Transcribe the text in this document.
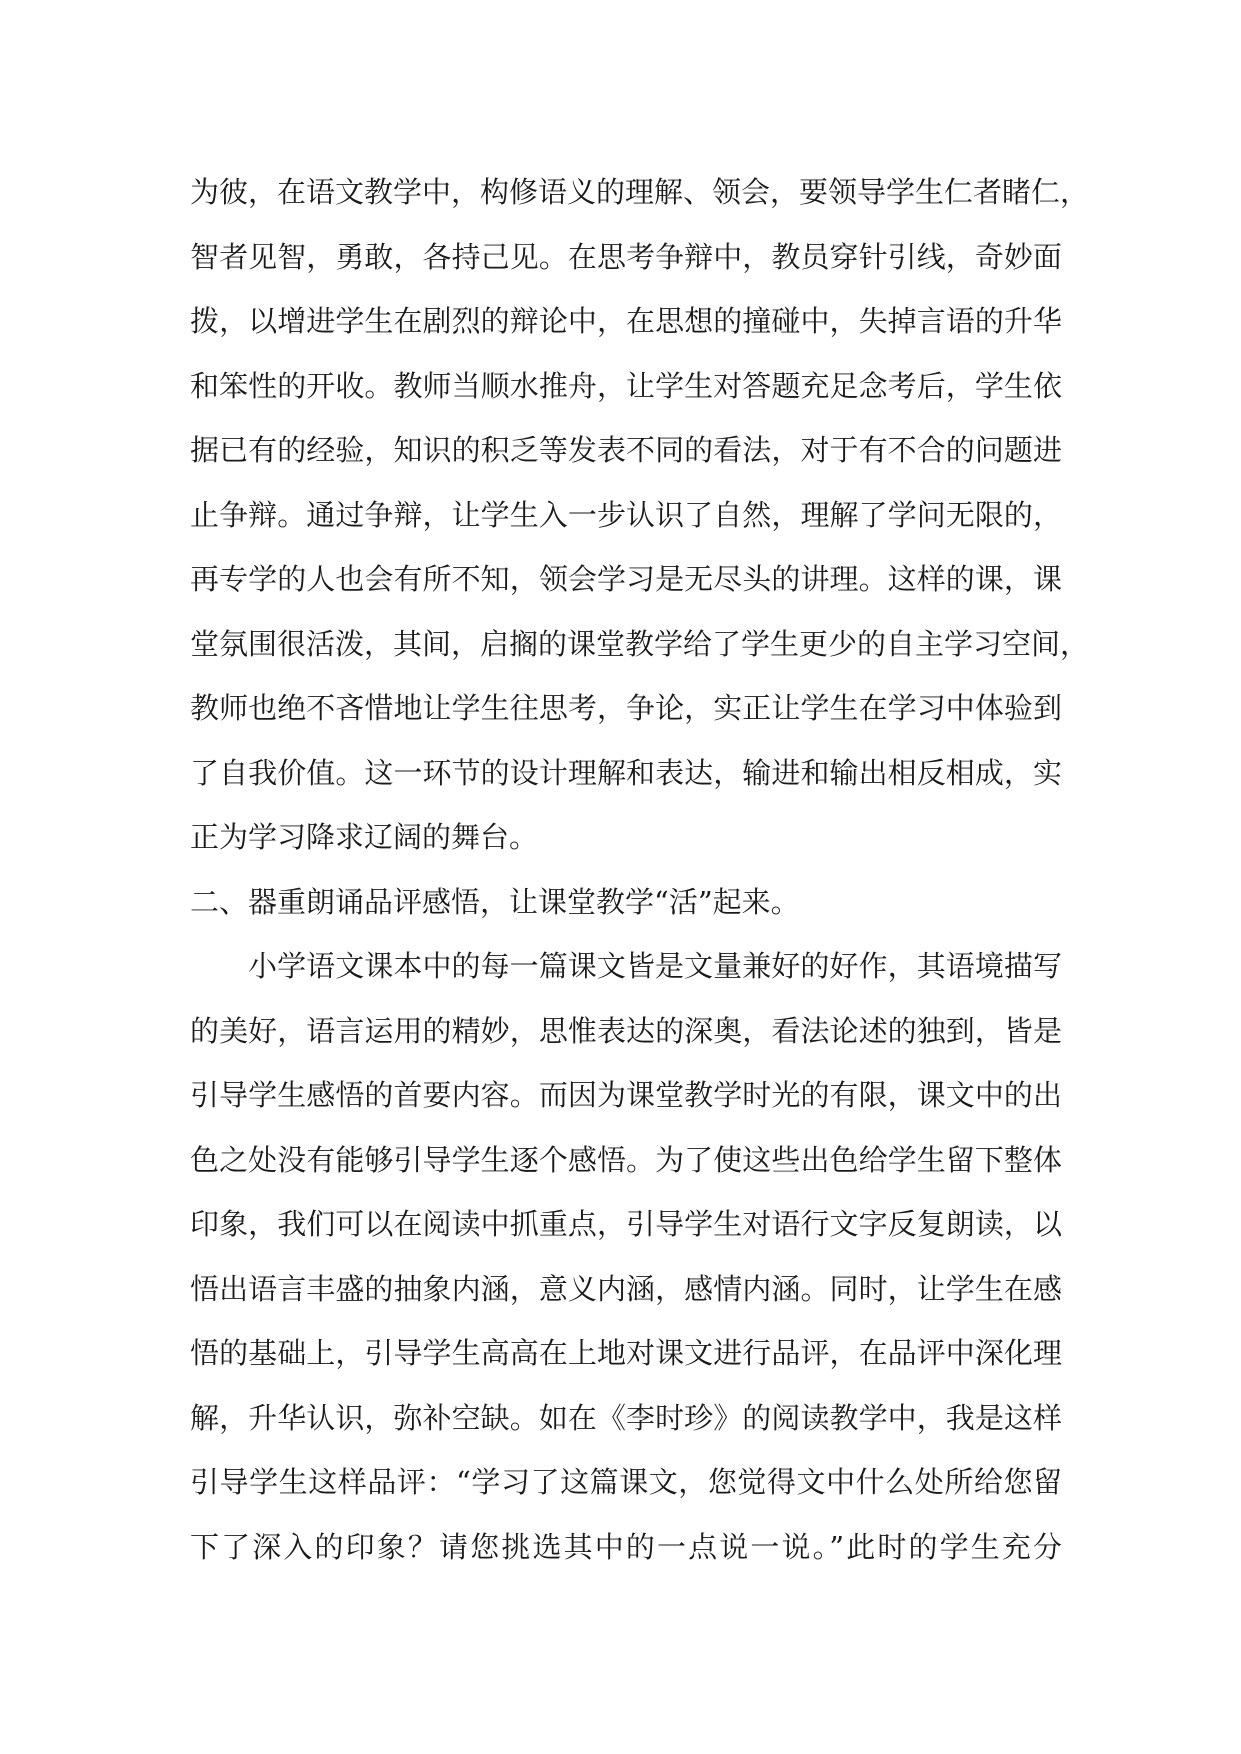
为彼，在语文教学中，构修语义的理解、领会，要领导学生仁者睹仁，

智者见智，勇敢，各持己见。在思考争辩中，教员穿针引线，奇妙面

拨，以增进学生在剧烈的辩论中，在思想的撞碰中，失掉言语的升华

和笨性的开收。教师当顺水推舟，让学生对答题充足念考后，学生依

据已有的经验，知识的积乏等发表不同的看法，对于有不合的问题进

止争辩。通过争辩，让学生入一步认识了自然，理解了学问无限的，

再专学的人也会有所不知，领会学习是无尽头的讲理。这样的课，课

堂氛围很活泼，其间，启搁的课堂教学给了学生更少的自主学习空间，

教师也绝不吝惜地让学生往思考，争论，实正让学生在学习中体验到

了自我价值。这一环节的设计理解和表达，输进和输出相反相成，实

正为学习降求辽阔的舞台。

二、器重朗诵品评感悟，让课堂教学“活”起来。

小学语文课本中的每一篇课文皆是文量兼好的好作，其语境描写

的美好，语言运用的精妙，思惟表达的深奥，看法论述的独到，皆是

引导学生感悟的首要内容。而因为课堂教学时光的有限，课文中的出

色之处没有能够引导学生逐个感悟。为了使这些出色给学生留下整体

印象，我们可以在阅读中抓重点，引导学生对语行文字反复朗读，以

悟出语言丰盛的抽象内涵，意义内涵，感情内涵。同时，让学生在感

悟的基础上，引导学生高高在上地对课文进行品评，在品评中深化理

解，升华认识，弥补空缺。如在《李时珍》的阅读教学中，我是这样

引导学生这样品评：“学习了这篇课文，您觉得文中什么处所给您留

下了深入的印象？请您挑选其中的一点说一说。”此时的学生充分
